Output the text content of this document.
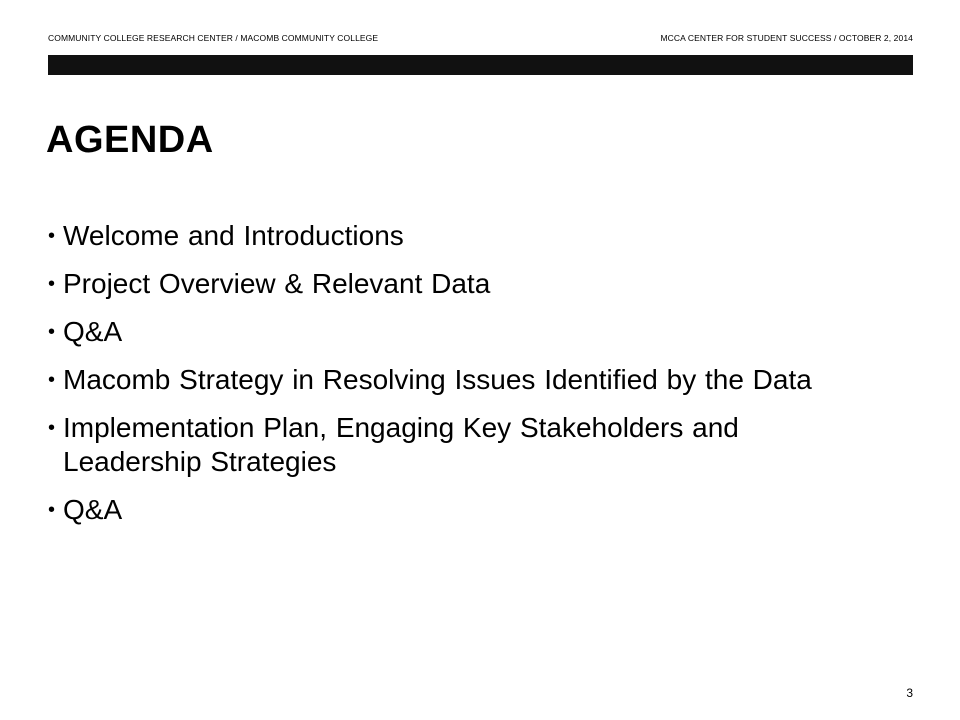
COMMUNITY COLLEGE RESEARCH CENTER / MACOMB COMMUNITY COLLEGE	MCCA CENTER FOR STUDENT SUCCESS / OCTOBER 2, 2014
AGENDA
• Welcome and Introductions
• Project Overview & Relevant Data
• Q&A
• Macomb Strategy in Resolving Issues Identified by the Data
• Implementation Plan, Engaging Key Stakeholders and Leadership Strategies
• Q&A
3
